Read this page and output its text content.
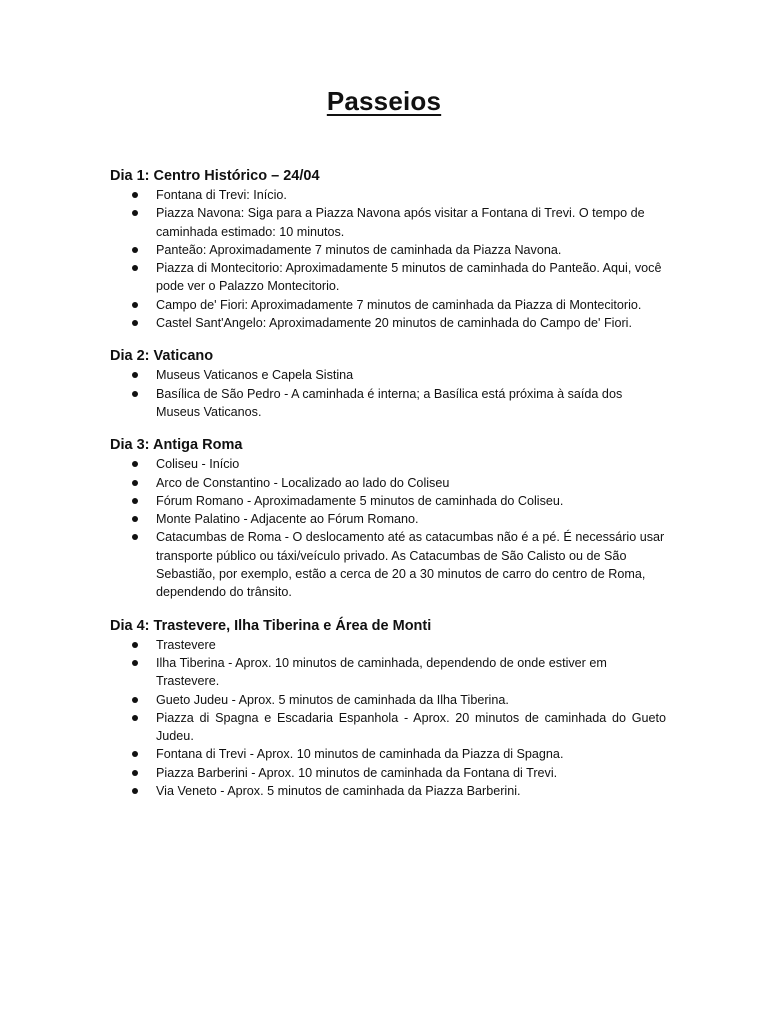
Passeios

Dia 1: Centro Histórico – 24/04

Fontana di Trevi: Início.
Piazza Navona: Siga para a Piazza Navona após visitar a Fontana di Trevi. O tempo de caminhada estimado: 10 minutos.
Panteão: Aproximadamente 7 minutos de caminhada da Piazza Navona.
Piazza di Montecitorio: Aproximadamente 5 minutos de caminhada do Panteão. Aqui, você pode ver o Palazzo Montecitorio.
Campo de' Fiori: Aproximadamente 7 minutos de caminhada da Piazza di Montecitorio.
Castel Sant'Angelo: Aproximadamente 20 minutos de caminhada do Campo de' Fiori.

Dia 2: Vaticano

Museus Vaticanos e Capela Sistina
Basílica de São Pedro - A caminhada é interna; a Basílica está próxima à saída dos Museus Vaticanos.

Dia 3: Antiga Roma

Coliseu - Início
Arco de Constantino - Localizado ao lado do Coliseu
Fórum Romano - Aproximadamente 5 minutos de caminhada do Coliseu.
Monte Palatino - Adjacente ao Fórum Romano.
Catacumbas de Roma - O deslocamento até as catacumbas não é a pé. É necessário usar transporte público ou táxi/veículo privado. As Catacumbas de São Calisto ou de São Sebastião, por exemplo, estão a cerca de 20 a 30 minutos de carro do centro de Roma, dependendo do trânsito.

Dia 4: Trastevere, Ilha Tiberina e Área de Monti

Trastevere
Ilha Tiberina - Aprox. 10 minutos de caminhada, dependendo de onde estiver em Trastevere.
Gueto Judeu - Aprox. 5 minutos de caminhada da Ilha Tiberina.
Piazza di Spagna e Escadaria Espanhola - Aprox. 20 minutos de caminhada do Gueto Judeu.
Fontana di Trevi - Aprox. 10 minutos de caminhada da Piazza di Spagna.
Piazza Barberini - Aprox. 10 minutos de caminhada da Fontana di Trevi.
Via Veneto - Aprox. 5 minutos de caminhada da Piazza Barberini.
